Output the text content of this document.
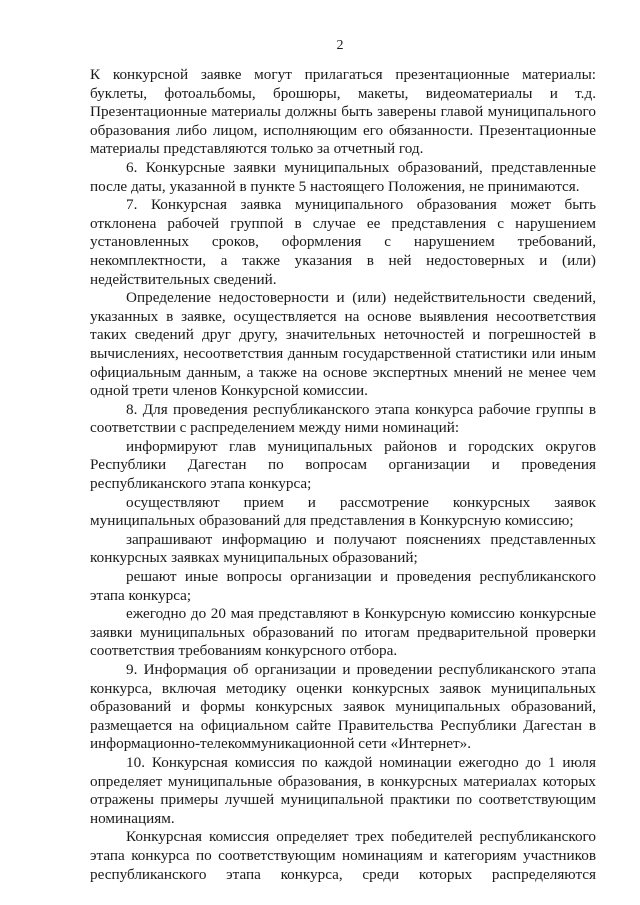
2

К конкурсной заявке могут прилагаться презентационные материалы: буклеты, фотоальбомы, брошюры, макеты, видеоматериалы и т.д. Презентационные материалы должны быть заверены главой муниципального образования либо лицом, исполняющим его обязанности. Презентационные материалы представляются только за отчетный год.

6. Конкурсные заявки муниципальных образований, представленные после даты, указанной в пункте 5 настоящего Положения, не принимаются.

7. Конкурсная заявка муниципального образования может быть отклонена рабочей группой в случае ее представления с нарушением установленных сроков, оформления с нарушением требований, некомплектности, а также указания в ней недостоверных и (или) недействительных сведений.

Определение недостоверности и (или) недействительности сведений, указанных в заявке, осуществляется на основе выявления несоответствия таких сведений друг другу, значительных неточностей и погрешностей в вычислениях, несоответствия данным государственной статистики или иным официальным данным, а также на основе экспертных мнений не менее чем одной трети членов Конкурсной комиссии.

8. Для проведения республиканского этапа конкурса рабочие группы в соответствии с распределением между ними номинаций:

информируют глав муниципальных районов и городских округов Республики Дагестан по вопросам организации и проведения республиканского этапа конкурса;

осуществляют прием и рассмотрение конкурсных заявок муниципальных образований для представления в Конкурсную комиссию;

запрашивают информацию и получают пояснениях представленных конкурсных заявках муниципальных образований;

решают иные вопросы организации и проведения республиканского этапа конкурса;

ежегодно до 20 мая представляют в Конкурсную комиссию конкурсные заявки муниципальных образований по итогам предварительной проверки соответствия требованиям конкурсного отбора.

9. Информация об организации и проведении республиканского этапа конкурса, включая методику оценки конкурсных заявок муниципальных образований и формы конкурсных заявок муниципальных образований, размещается на официальном сайте Правительства Республики Дагестан в информационно-телекоммуникационной сети «Интернет».

10. Конкурсная комиссия по каждой номинации ежегодно до 1 июля определяет муниципальные образования, в конкурсных материалах которых отражены примеры лучшей муниципальной практики по соответствующим номинациям.

Конкурсная комиссия определяет трех победителей республиканского этапа конкурса по соответствующим номинациям и категориям участников республиканского этапа конкурса, среди которых распределяются
